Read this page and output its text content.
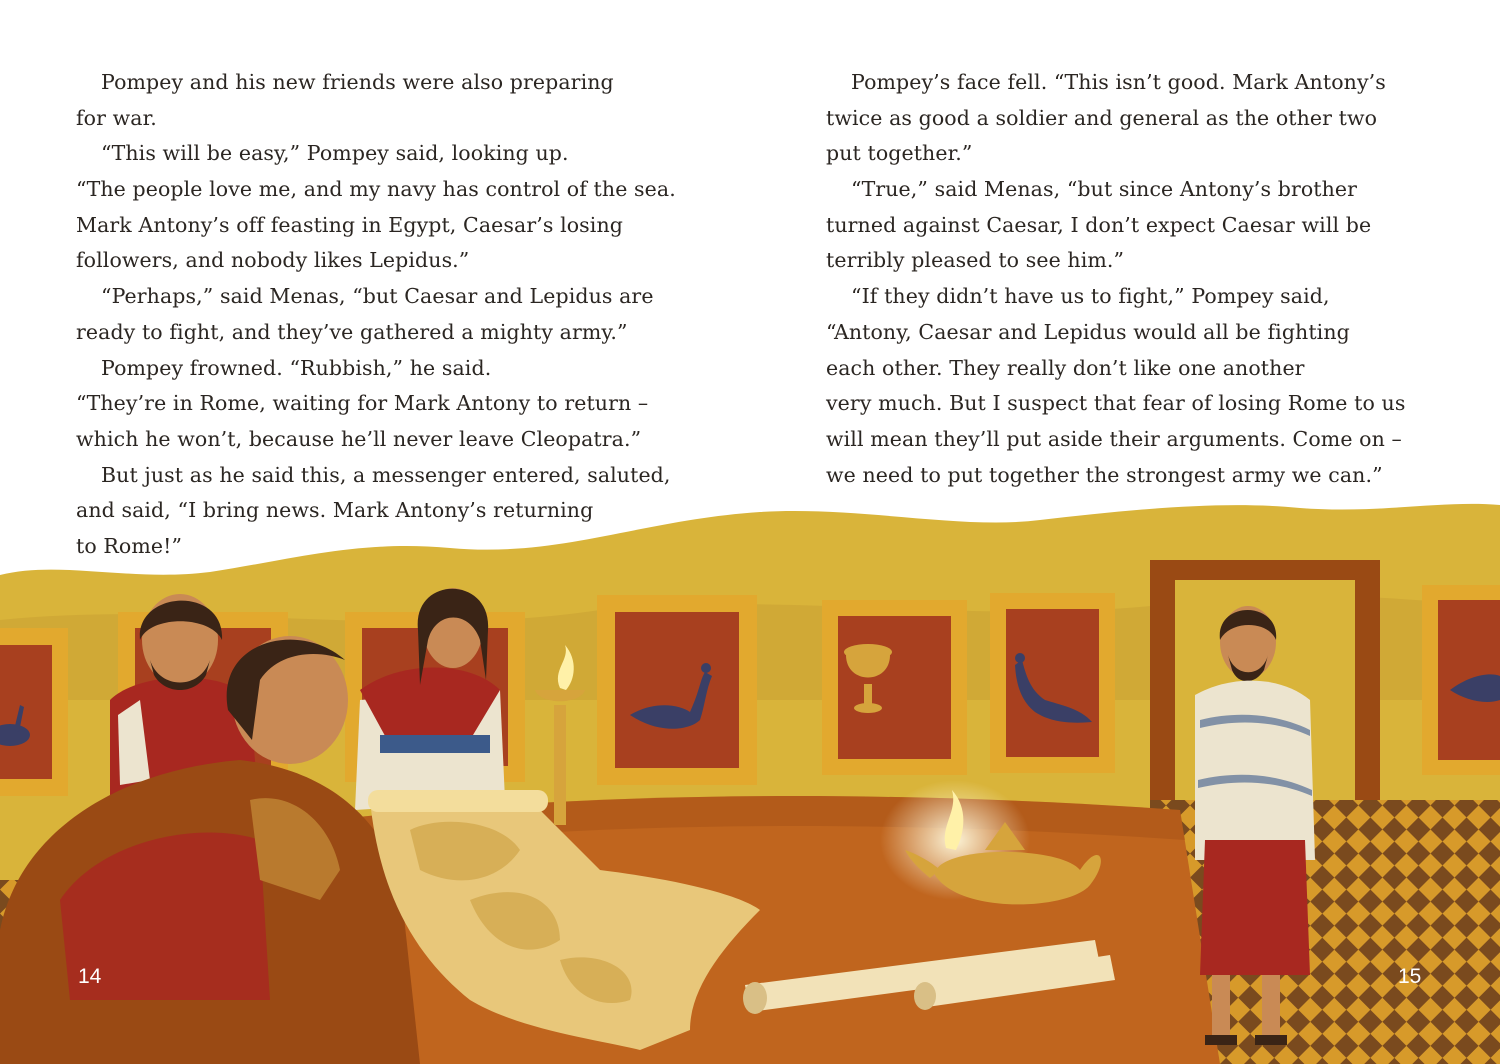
Pompey and his new friends were also preparing
for war.
“This will be easy,” Pompey said, looking up.
“The people love me, and my navy has control of the sea.
Mark Antony’s off feasting in Egypt, Caesar’s losing
followers, and nobody likes Lepidus.”
“Perhaps,” said Menas, “but Caesar and Lepidus are
ready to fight, and they’ve gathered a mighty army.”
Pompey frowned. “Rubbish,” he said.
“They’re in Rome, waiting for Mark Antony to return –
which he won’t, because he’ll never leave Cleopatra.”
But just as he said this, a messenger entered, saluted,
and said, “I bring news. Mark Antony’s returning
to Rome!”
Pompey’s face fell. “This isn’t good. Mark Antony’s
twice as good a soldier and general as the other two
put together.”
“True,” said Menas, “but since Antony’s brother
turned against Caesar, I don’t expect Caesar will be
terribly pleased to see him.”
“If they didn’t have us to fight,” Pompey said,
“Antony, Caesar and Lepidus would all be fighting
each other. They really don’t like one another
very much. But I suspect that fear of losing Rome to us
will mean they’ll put aside their arguments. Come on –
we need to put together the strongest army we can.”
14	15
